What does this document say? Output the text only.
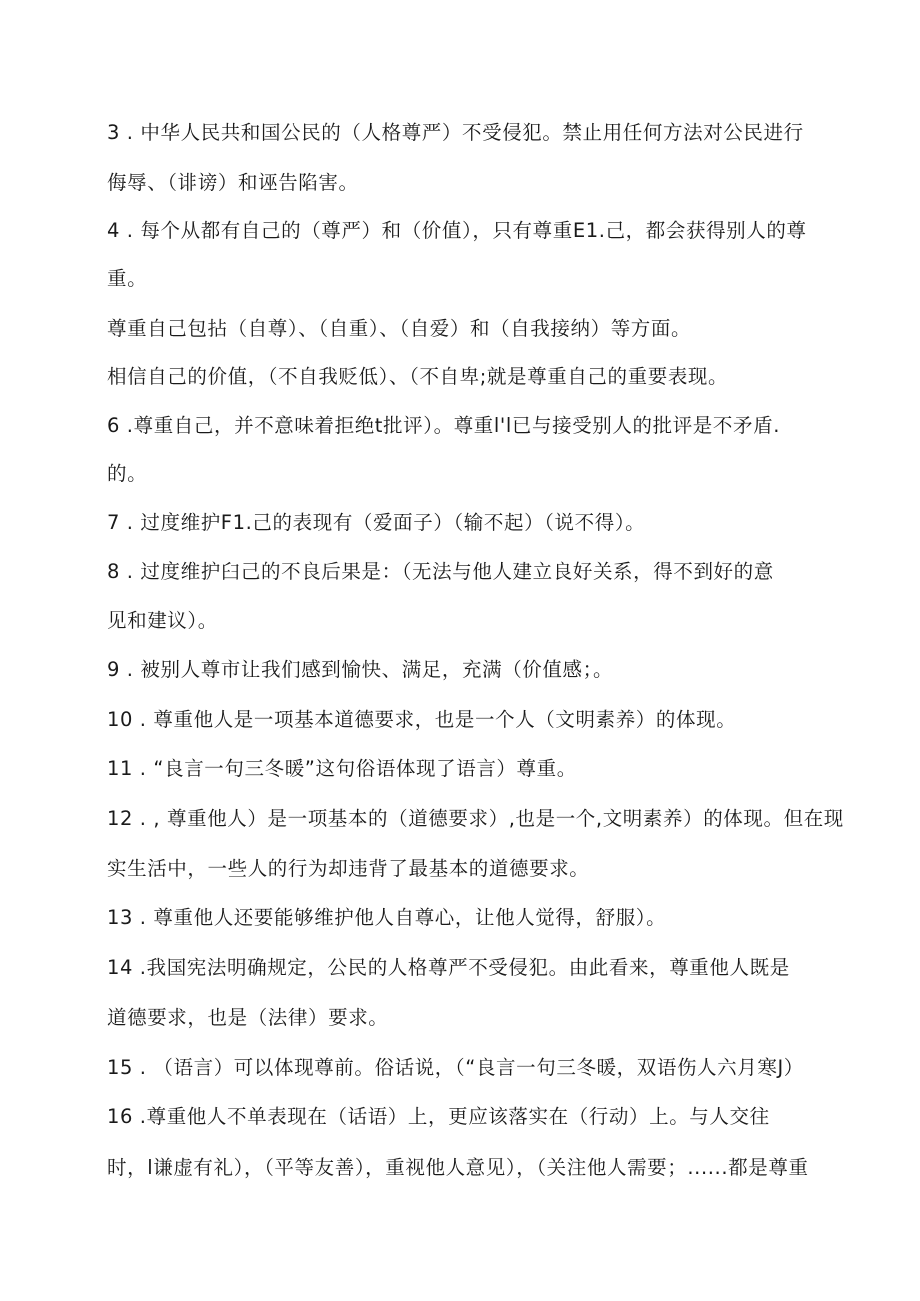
3 . 中华人民共和国公民的（人格尊严）不受侵犯。禁止用任何方法对公民进行
侮辱、（诽谤）和诬告陷害。
4 . 每个从都有自己的（尊严）和（价值），只有尊重E1.己，都会获得别人的尊
重。
尊重自己包拈（自尊）、（自重）、（自爱）和（自我接纳）等方面。
相信自己的价值，（不自我贬低）、（不自卑;就是尊重自己的重要表现。
6 .尊重自己，并不意味着拒绝t批评）。尊重l'l已与接受别人的批评是不矛盾.
的。
7 . 过度维护F1.己的表现有（爱面子）（输不起）（说不得）。
8 . 过度维护臼己的不良后果是：（无法与他人建立良好关系，得不到好的意
见和建议）。
9 . 被别人尊市让我们感到愉快、满足，充满（价值感；。
10 . 尊重他人是一项基本道德要求，也是一个人（文明素养）的体现。
11 . “良言一句三冬暖”这句俗语体现了语言）尊重。
12 . , 尊重他人）是一项基本的（道德要求）,也是一个,文明素养）的体现。但在现
实生活中，一些人的行为却违背了最基本的道德要求。
13 . 尊重他人还要能够维护他人自尊心，让他人觉得，舒服）。
14 .我国宪法明确规定，公民的人格尊严不受侵犯。由此看来，尊重他人既是
道德要求，也是（法律）要求。
15 . （语言）可以体现尊前。俗话说，（“良言一句三冬暖，双语伤人六月寒J）
16 .尊重他人不单表现在（话语）上，更应该落实在（行动）上。与人交往
时，l谦虚有礼），（平等友善），重视他人意见），（关注他人需要；......都是尊重
